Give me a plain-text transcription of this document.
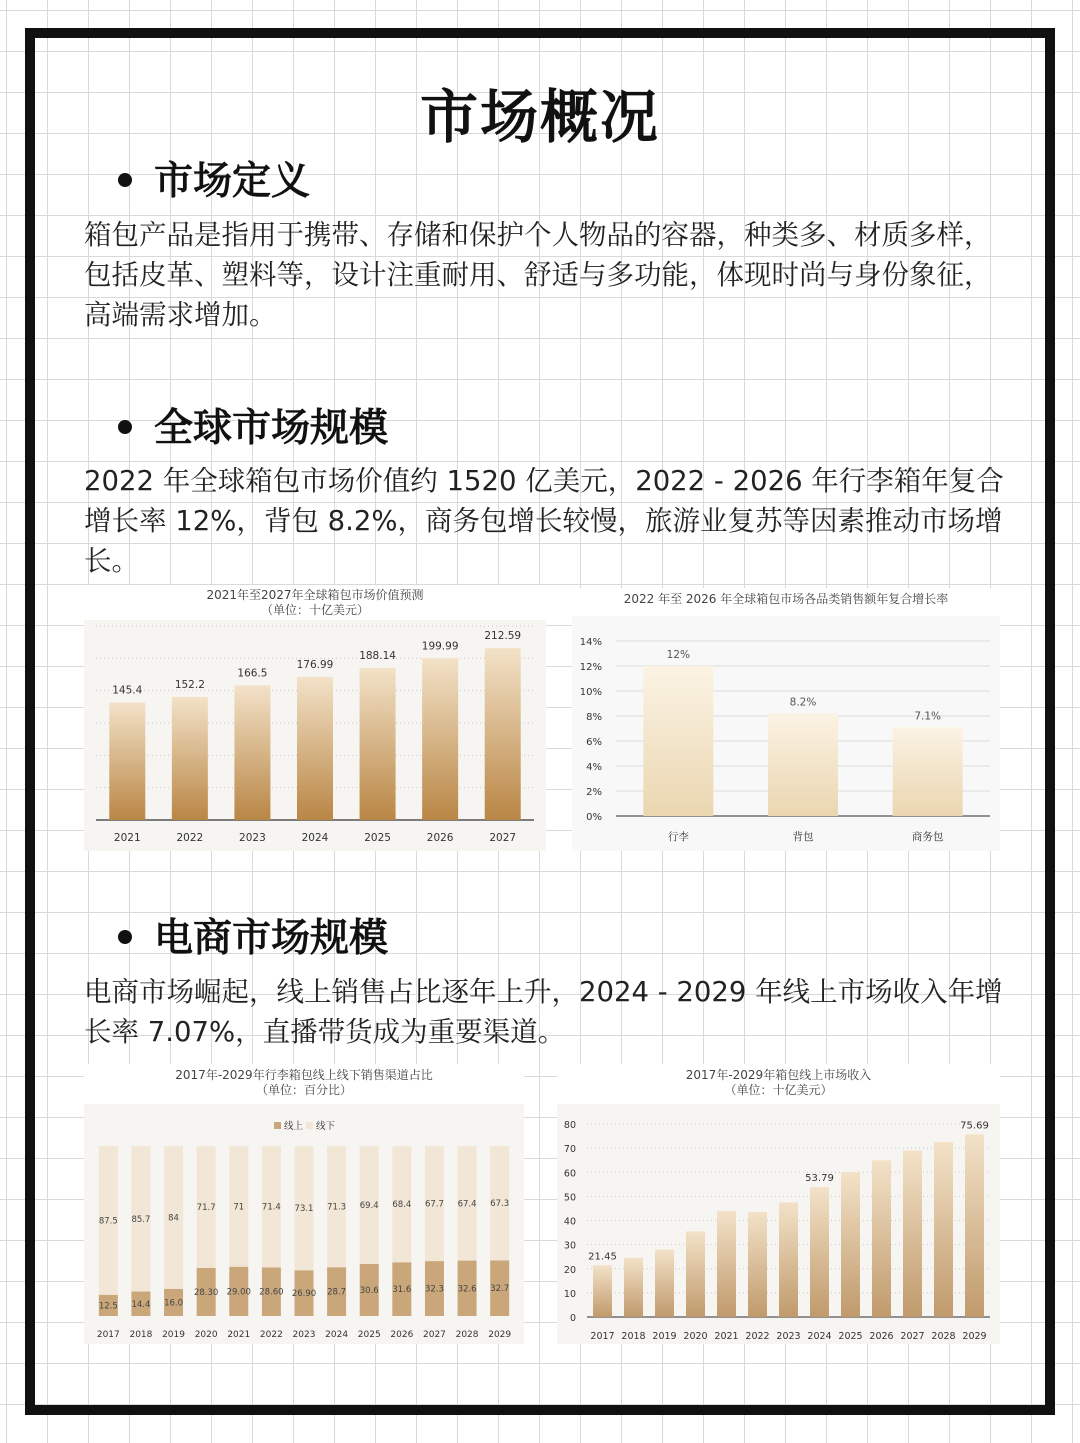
市场概况
市场定义
箱包产品是指用于携带、存储和保护个人物品的容器，种类多、材质多样，包括皮革、塑料等，设计注重耐用、舒适与多功能，体现时尚与身份象征，高端需求增加。
全球市场规模
2022 年全球箱包市场价值约 1520 亿美元，2022 - 2026 年行李箱年复合增长率 12%，背包 8.2%，商务包增长较慢，旅游业复苏等因素推动市场增长。
2021年至2027年全球箱包市场价值预测
（单位：十亿美元）
145.4
2021
152.2
2022
166.5
2023
176.99
2024
188.14
2025
199.99
2026
212.59
2027
2022 年至 2026 年全球箱包市场各品类销售额年复合增长率
0%
2%
4%
6%
8%
10%
12%
14%
12%
行李
8.2%
背包
7.1%
商务包
电商市场规模
电商市场崛起，线上销售占比逐年上升，2024 - 2029 年线上市场收入年增长率 7.07%，直播带货成为重要渠道。
2017年-2029年行李箱包线上线下销售渠道占比
（单位：百分比）
线上 线下
12.5
87.5
2017
14.4
85.7
2018
16.0
84
2019
28.30
71.7
2020
29.00
71
2021
28.60
71.4
2022
26.90
73.1
2023
28.7
71.3
2024
30.6
69.4
2025
31.6
68.4
2026
32.3
67.7
2027
32.6
67.4
2028
32.7
67.3
2029
2017年-2029年箱包线上市场收入
（单位：十亿美元）
0
10
20
30
40
50
60
70
80
21.45
2017 2018 2019 2020 2021 2022 2023
53.79
2024 2025 2026 2027 2028
75.69
2029
